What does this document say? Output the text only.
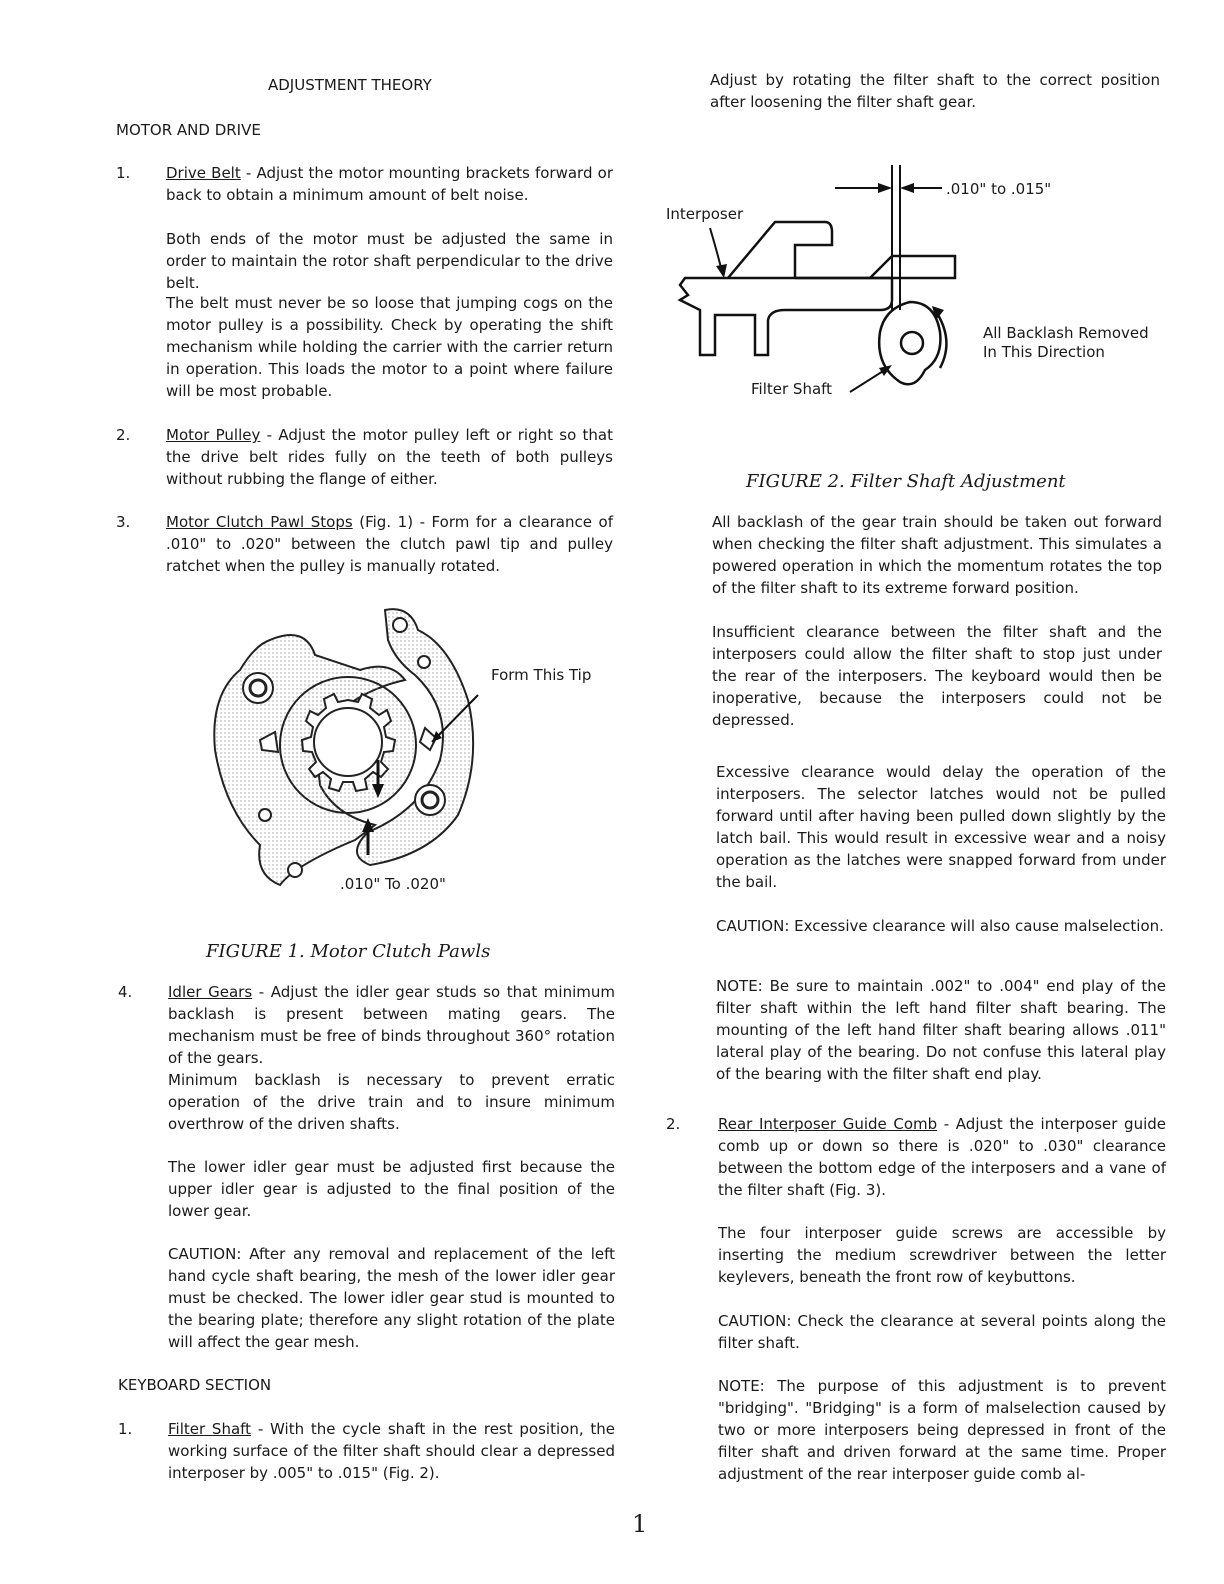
ADJUSTMENT THEORY
MOTOR AND DRIVE
1. Drive Belt - Adjust the motor mounting brackets forward or back to obtain a minimum amount of belt noise.
Both ends of the motor must be adjusted the same in order to maintain the rotor shaft perpendicular to the drive belt.
The belt must never be so loose that jumping cogs on the motor pulley is a possibility. Check by operating the shift mechanism while holding the carrier with the carrier return in operation. This loads the motor to a point where failure will be most probable.
2. Motor Pulley - Adjust the motor pulley left or right so that the drive belt rides fully on the teeth of both pulleys without rubbing the flange of either.
3. Motor Clutch Pawl Stops (Fig. 1) - Form for a clearance of .010" to .020" between the clutch pawl tip and pulley ratchet when the pulley is manually rotated.
Form This Tip
.010" To .020"
FIGURE 1. Motor Clutch Pawls
4. Idler Gears - Adjust the idler gear studs so that minimum backlash is present between mating gears. The mechanism must be free of binds throughout 360° rotation of the gears.
Minimum backlash is necessary to prevent erratic operation of the drive train and to insure minimum overthrow of the driven shafts.
The lower idler gear must be adjusted first because the upper idler gear is adjusted to the final position of the lower gear.
CAUTION: After any removal and replacement of the left hand cycle shaft bearing, the mesh of the lower idler gear must be checked. The lower idler gear stud is mounted to the bearing plate; therefore any slight rotation of the plate will affect the gear mesh.
KEYBOARD SECTION
1. Filter Shaft - With the cycle shaft in the rest position, the working surface of the filter shaft should clear a depressed interposer by .005" to .015" (Fig. 2).
Adjust by rotating the filter shaft to the correct position after loosening the filter shaft gear.
.010" to .015"
Interposer
All Backlash Removed
In This Direction
Filter Shaft
FIGURE 2. Filter Shaft Adjustment
All backlash of the gear train should be taken out forward when checking the filter shaft adjustment. This simulates a powered operation in which the momentum rotates the top of the filter shaft to its extreme forward position.
Insufficient clearance between the filter shaft and the interposers could allow the filter shaft to stop just under the rear of the interposers. The keyboard would then be inoperative, because the interposers could not be depressed.
Excessive clearance would delay the operation of the interposers. The selector latches would not be pulled forward until after having been pulled down slightly by the latch bail. This would result in excessive wear and a noisy operation as the latches were snapped forward from under the bail.
CAUTION: Excessive clearance will also cause malselection.
NOTE: Be sure to maintain .002" to .004" end play of the filter shaft within the left hand filter shaft bearing. The mounting of the left hand filter shaft bearing allows .011" lateral play of the bearing. Do not confuse this lateral play of the bearing with the filter shaft end play.
2.	Rear Interposer Guide Comb - Adjust the interposer guide comb up or down so there is .020" to .030" clearance between the bottom edge of the interposers and a vane of the filter shaft (Fig. 3).
The four interposer guide screws are accessible by inserting the medium screwdriver between the letter keylevers, beneath the front row of keybuttons.
CAUTION: Check the clearance at several points along the filter shaft.
NOTE: The purpose of this adjustment is to prevent "bridging". "Bridging" is a form of malselection caused by two or more interposers being depressed in front of the filter shaft and driven forward at the same time. Proper adjustment of the rear interposer guide comb al-
1
